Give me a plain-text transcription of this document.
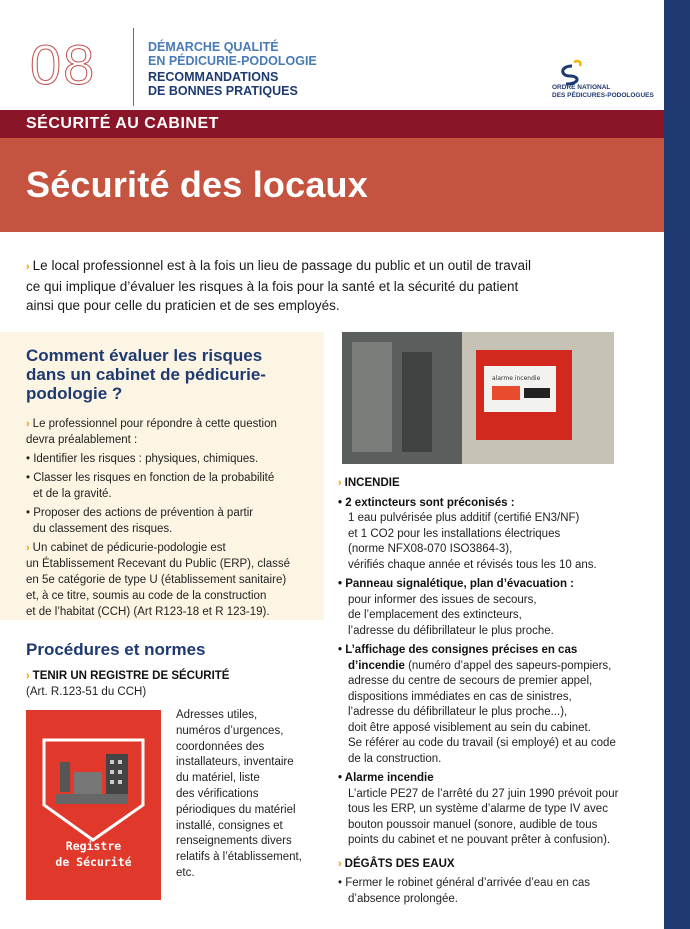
08	DÉMARCHE QUALITÉ
EN PÉDICURIE-PODOLOGIE
RECOMMANDATIONS
DE BONNES PRATIQUES	ORDRE NATIONAL
DES PÉDICURES-PODOLOGUES
SÉCURITÉ AU CABINET
Sécurité des locaux
› Le local professionnel est à la fois un lieu de passage du public et un outil de travail
ce qui implique d’évaluer les risques à la fois pour la santé et la sécurité du patient
ainsi que pour celle du praticien et de ses employés.
Comment évaluer les risques
dans un cabinet de pédicurie-
podologie ?

› Le professionnel pour répondre à cette question
devra préalablement :

• Identifier les risques : physiques, chimiques.

• Classer les risques en fonction de la probabilité
et de la gravité.

• Proposer des actions de prévention à partir
du classement des risques.

› Un cabinet de pédicurie-podologie est
un Établissement Recevant du Public (ERP), classé
en 5e catégorie de type U (établissement sanitaire)
et, à ce titre, soumis au code de la construction
et de l’habitat (CCH) (Art R123-18 et R 123-19).

Procédures et normes
› TENIR UN REGISTRE DE SÉCURITÉ
(Art. R.123-51 du CCH)
Registre
de Sécurité
Adresses utiles,
numéros d’urgences,
coordonnées des
installateurs, inventaire
du matériel, liste
des vérifications
périodiques du matériel
installé, consignes et
renseignements divers
relatifs à l’établissement,
etc.
alarme incendie
› INCENDIE
• 2 extincteurs sont préconisés :
1 eau pulvérisée plus additif (certifié EN3/NF)
et 1 CO2 pour les installations électriques
(norme NFX08-070 ISO3864-3),
vérifiés chaque année et révisés tous les 10 ans.
• Panneau signalétique, plan d’évacuation :
pour informer des issues de secours,
de l’emplacement des extincteurs,
l’adresse du défibrillateur le plus proche.
• L’affichage des consignes précises en cas
d’incendie (numéro d’appel des sapeurs-pompiers,
adresse du centre de secours de premier appel,
dispositions immédiates en cas de sinistres,
l’adresse du défibrillateur le plus proche...),
doit être apposé visiblement au sein du cabinet.
Se référer au code du travail (si employé) et au code
de la construction.
• Alarme incendie
L’article PE27 de l’arrêté du 27 juin 1990 prévoit pour
tous les ERP, un système d’alarme de type IV avec
bouton poussoir manuel (sonore, audible de tous
points du cabinet et ne pouvant prêter à confusion).
› DÉGÂTS DES EAUX
• Fermer le robinet général d’arrivée d’eau en cas
d’absence prolongée.
